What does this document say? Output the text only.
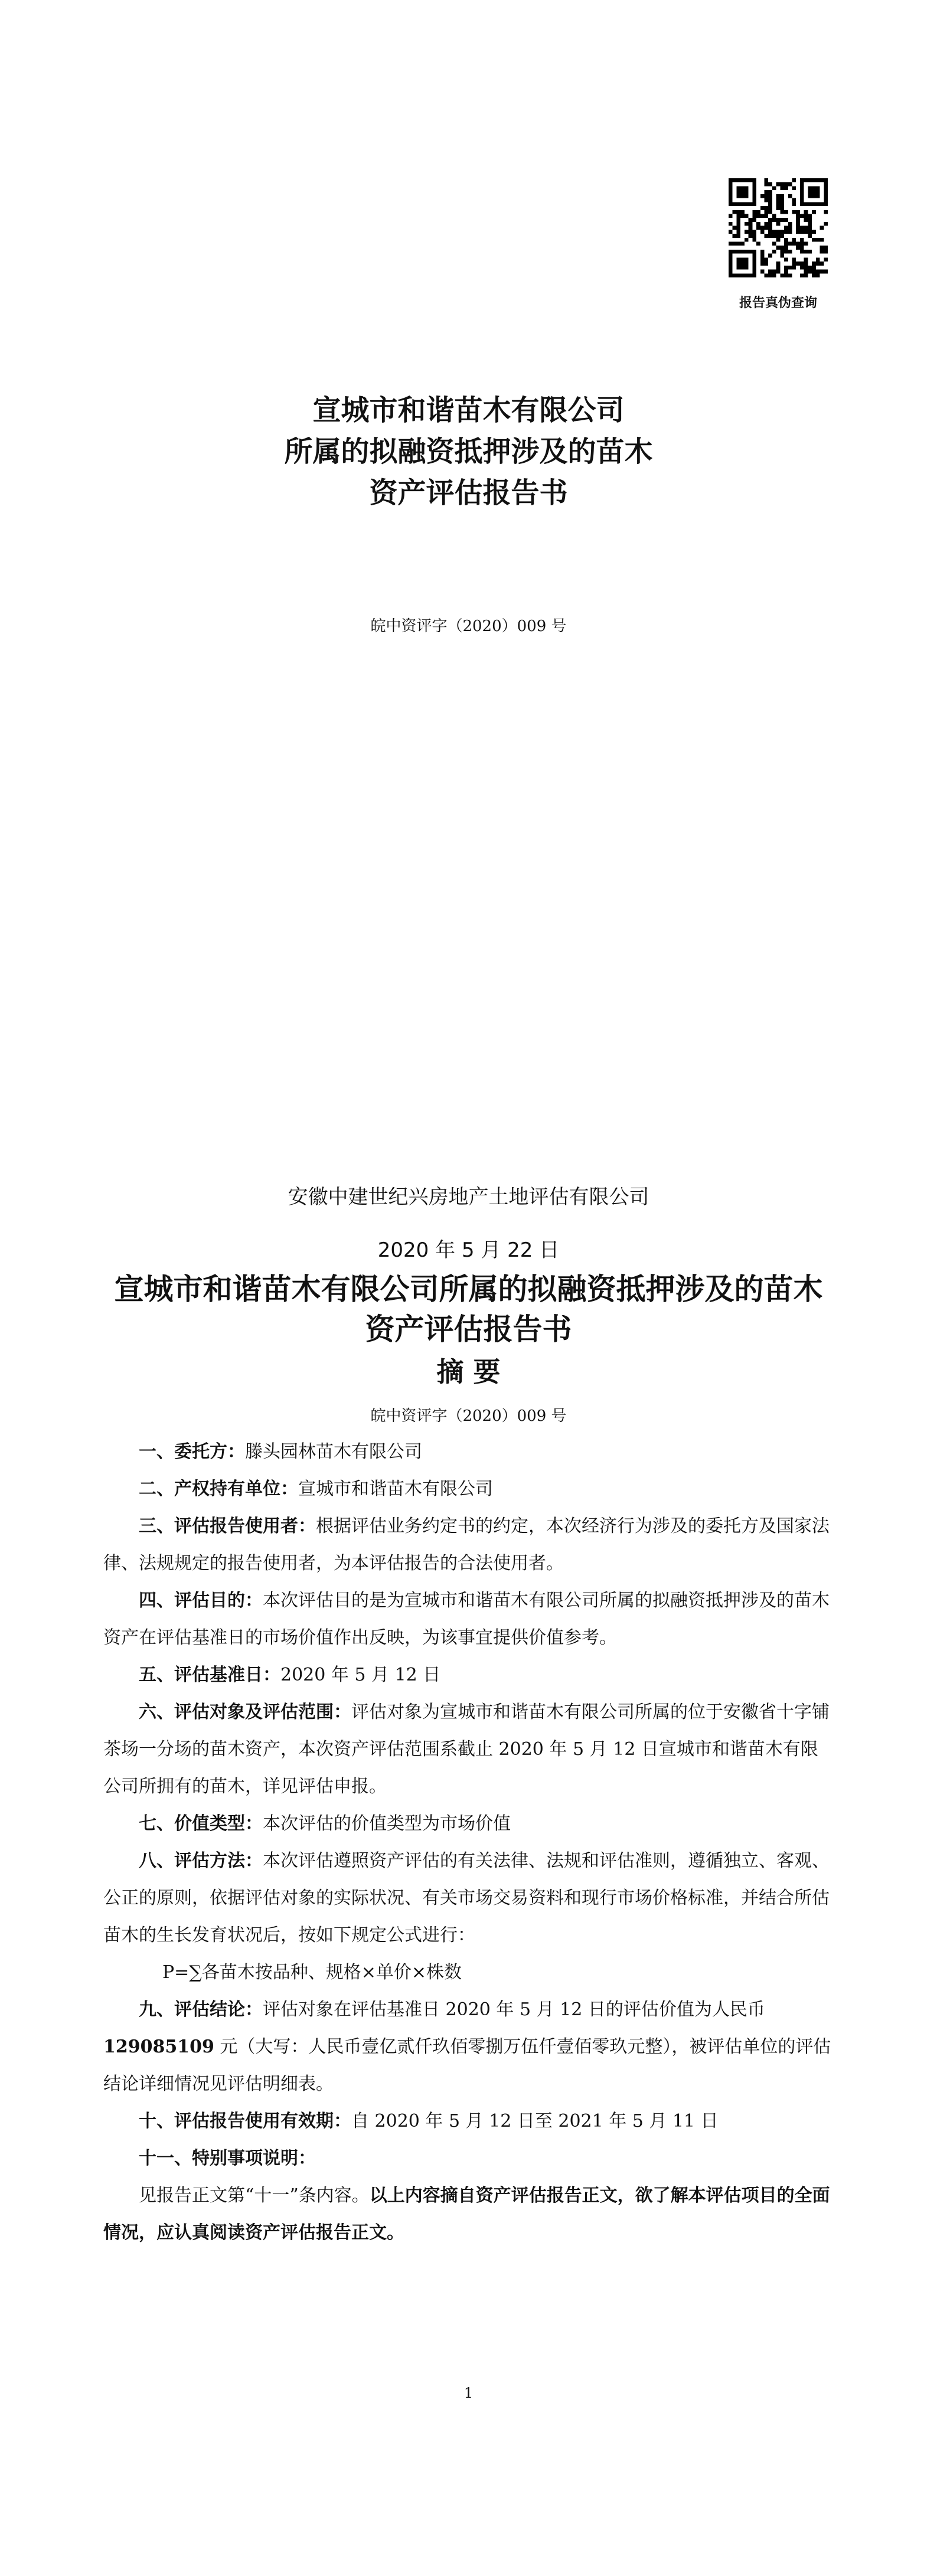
报告真伪查询
宣城市和谐苗木有限公司
所属的拟融资抵押涉及的苗木
资产评估报告书
皖中资评字（2020）009 号
安徽中建世纪兴房地产土地评估有限公司
2020 年 5 月 22 日
宣城市和谐苗木有限公司所属的拟融资抵押涉及的苗木
资产评估报告书
摘 要
皖中资评字（2020）009 号

一、委托方：滕头园林苗木有限公司

二、产权持有单位：宣城市和谐苗木有限公司

三、评估报告使用者：根据评估业务约定书的约定，本次经济行为涉及的委托方及国家法律、法规规定的报告使用者，为本评估报告的合法使用者。

四、评估目的：本次评估目的是为宣城市和谐苗木有限公司所属的拟融资抵押涉及的苗木资产在评估基准日的市场价值作出反映，为该事宜提供价值参考。

五、评估基准日：2020 年 5 月 12 日

六、评估对象及评估范围：评估对象为宣城市和谐苗木有限公司所属的位于安徽省十字铺茶场一分场的苗木资产，本次资产评估范围系截止 2020 年 5 月 12 日宣城市和谐苗木有限公司所拥有的苗木，详见评估申报。

七、价值类型：本次评估的价值类型为市场价值

八、评估方法：本次评估遵照资产评估的有关法律、法规和评估准则，遵循独立、客观、公正的原则，依据评估对象的实际状况、有关市场交易资料和现行市场价格标准，并结合所估苗木的生长发育状况后，按如下规定公式进行：

P=∑各苗木按品种、规格×单价×株数

九、评估结论：评估对象在评估基准日 2020 年 5 月 12 日的评估价值为人民币 129085109 元（大写：人民币壹亿贰仟玖佰零捌万伍仟壹佰零玖元整），被评估单位的评估结论详细情况见评估明细表。

十、评估报告使用有效期：自 2020 年 5 月 12 日至 2021 年 5 月 11 日

十一、特别事项说明：

见报告正文第“十一”条内容。以上内容摘自资产评估报告正文，欲了解本评估项目的全面情况，应认真阅读资产评估报告正文。

1
